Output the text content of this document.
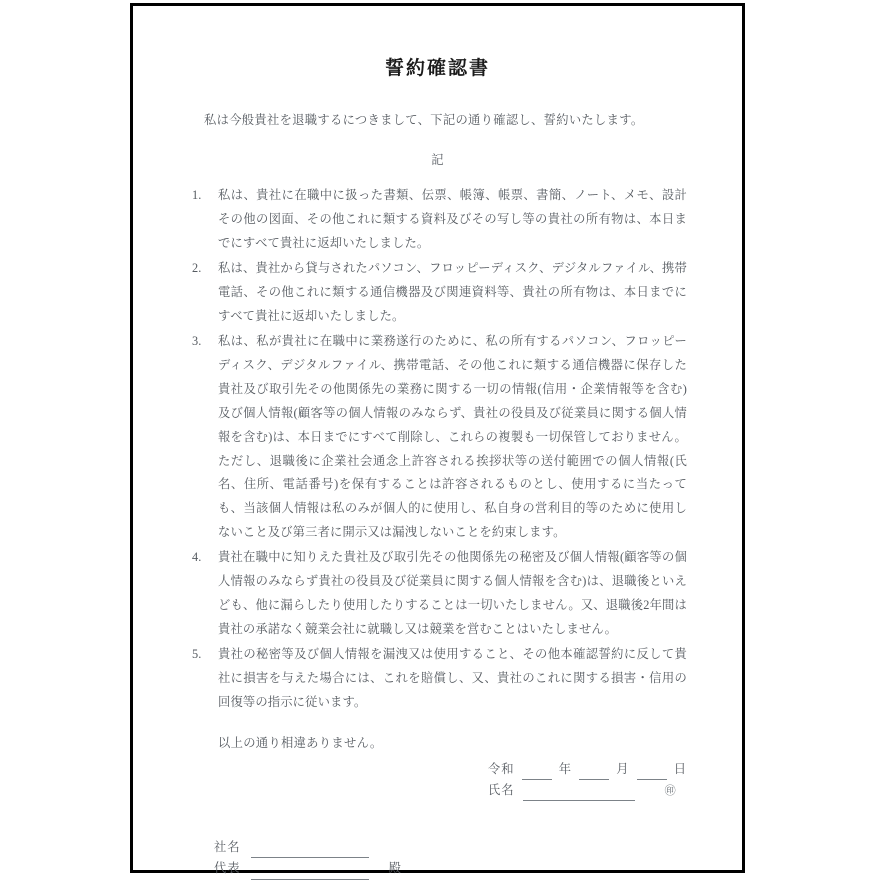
誓約確認書

私は今般貴社を退職するにつきまして、下記の通り確認し、誓約いたします。

記
1.	私は、貴社に在職中に扱った書類、伝票、帳簿、帳票、書簡、ノート、メモ、設計その他の図面、その他これに類する資料及びその写し等の貴社の所有物は、本日までにすべて貴社に返却いたしました。
2.	私は、貴社から貸与されたパソコン、フロッピーディスク、デジタルファイル、携帯電話、その他これに類する通信機器及び関連資料等、貴社の所有物は、本日までにすべて貴社に返却いたしました。
3.	私は、私が貴社に在職中に業務遂行のために、私の所有するパソコン、フロッピーディスク、デジタルファイル、携帯電話、その他これに類する通信機器に保存した貴社及び取引先その他関係先の業務に関する一切の情報(信用・企業情報等を含む)及び個人情報(顧客等の個人情報のみならず、貴社の役員及び従業員に関する個人情報を含む)は、本日までにすべて削除し、これらの複製も一切保管しておりません。ただし、退職後に企業社会通念上許容される挨拶状等の送付範囲での個人情報(氏名、住所、電話番号)を保有することは許容されるものとし、使用するに当たっても、当該個人情報は私のみが個人的に使用し、私自身の営利目的等のために使用しないこと及び第三者に開示又は漏洩しないことを約束します。
4.	貴社在職中に知りえた貴社及び取引先その他関係先の秘密及び個人情報(顧客等の個人情報のみならず貴社の役員及び従業員に関する個人情報を含む)は、退職後といえども、他に漏らしたり使用したりすることは一切いたしません。又、退職後2年間は貴社の承諾なく競業会社に就職し又は競業を営むことはいたしません。
5.	貴社の秘密等及び個人情報を漏洩又は使用すること、その他本確認誓約に反して貴社に損害を与えた場合には、これを賠償し、又、貴社のこれに関する損害・信用の回復等の指示に従います。

以上の通り相違ありません。

令和	年	月	日
氏名	㊞
社名
代表	殿
